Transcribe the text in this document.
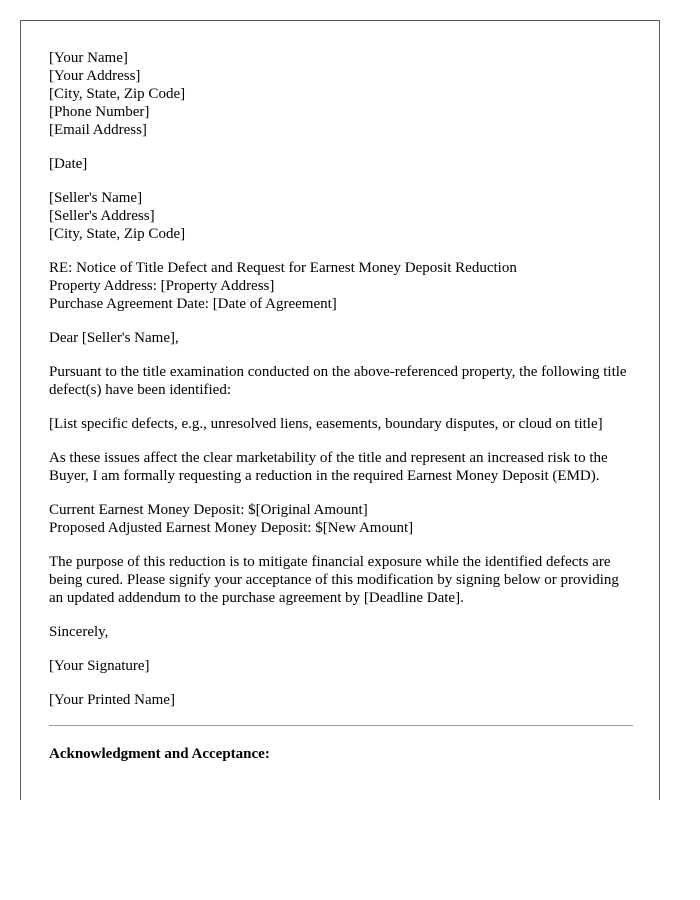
[Your Name]
[Your Address]
[City, State, Zip Code]
[Phone Number]
[Email Address]
[Date]
[Seller's Name]
[Seller's Address]
[City, State, Zip Code]
RE: Notice of Title Defect and Request for Earnest Money Deposit Reduction
Property Address: [Property Address]
Purchase Agreement Date: [Date of Agreement]

Dear [Seller's Name],

Pursuant to the title examination conducted on the above-referenced property, the following title defect(s) have been identified:

[List specific defects, e.g., unresolved liens, easements, boundary disputes, or cloud on title]

As these issues affect the clear marketability of the title and represent an increased risk to the Buyer, I am formally requesting a reduction in the required Earnest Money Deposit (EMD).

Current Earnest Money Deposit: $[Original Amount]
Proposed Adjusted Earnest Money Deposit: $[New Amount]

The purpose of this reduction is to mitigate financial exposure while the identified defects are being cured. Please signify your acceptance of this modification by signing below or providing an updated addendum to the purchase agreement by [Deadline Date].

Sincerely,

[Your Signature]

[Your Printed Name]

Acknowledgment and Acceptance:
